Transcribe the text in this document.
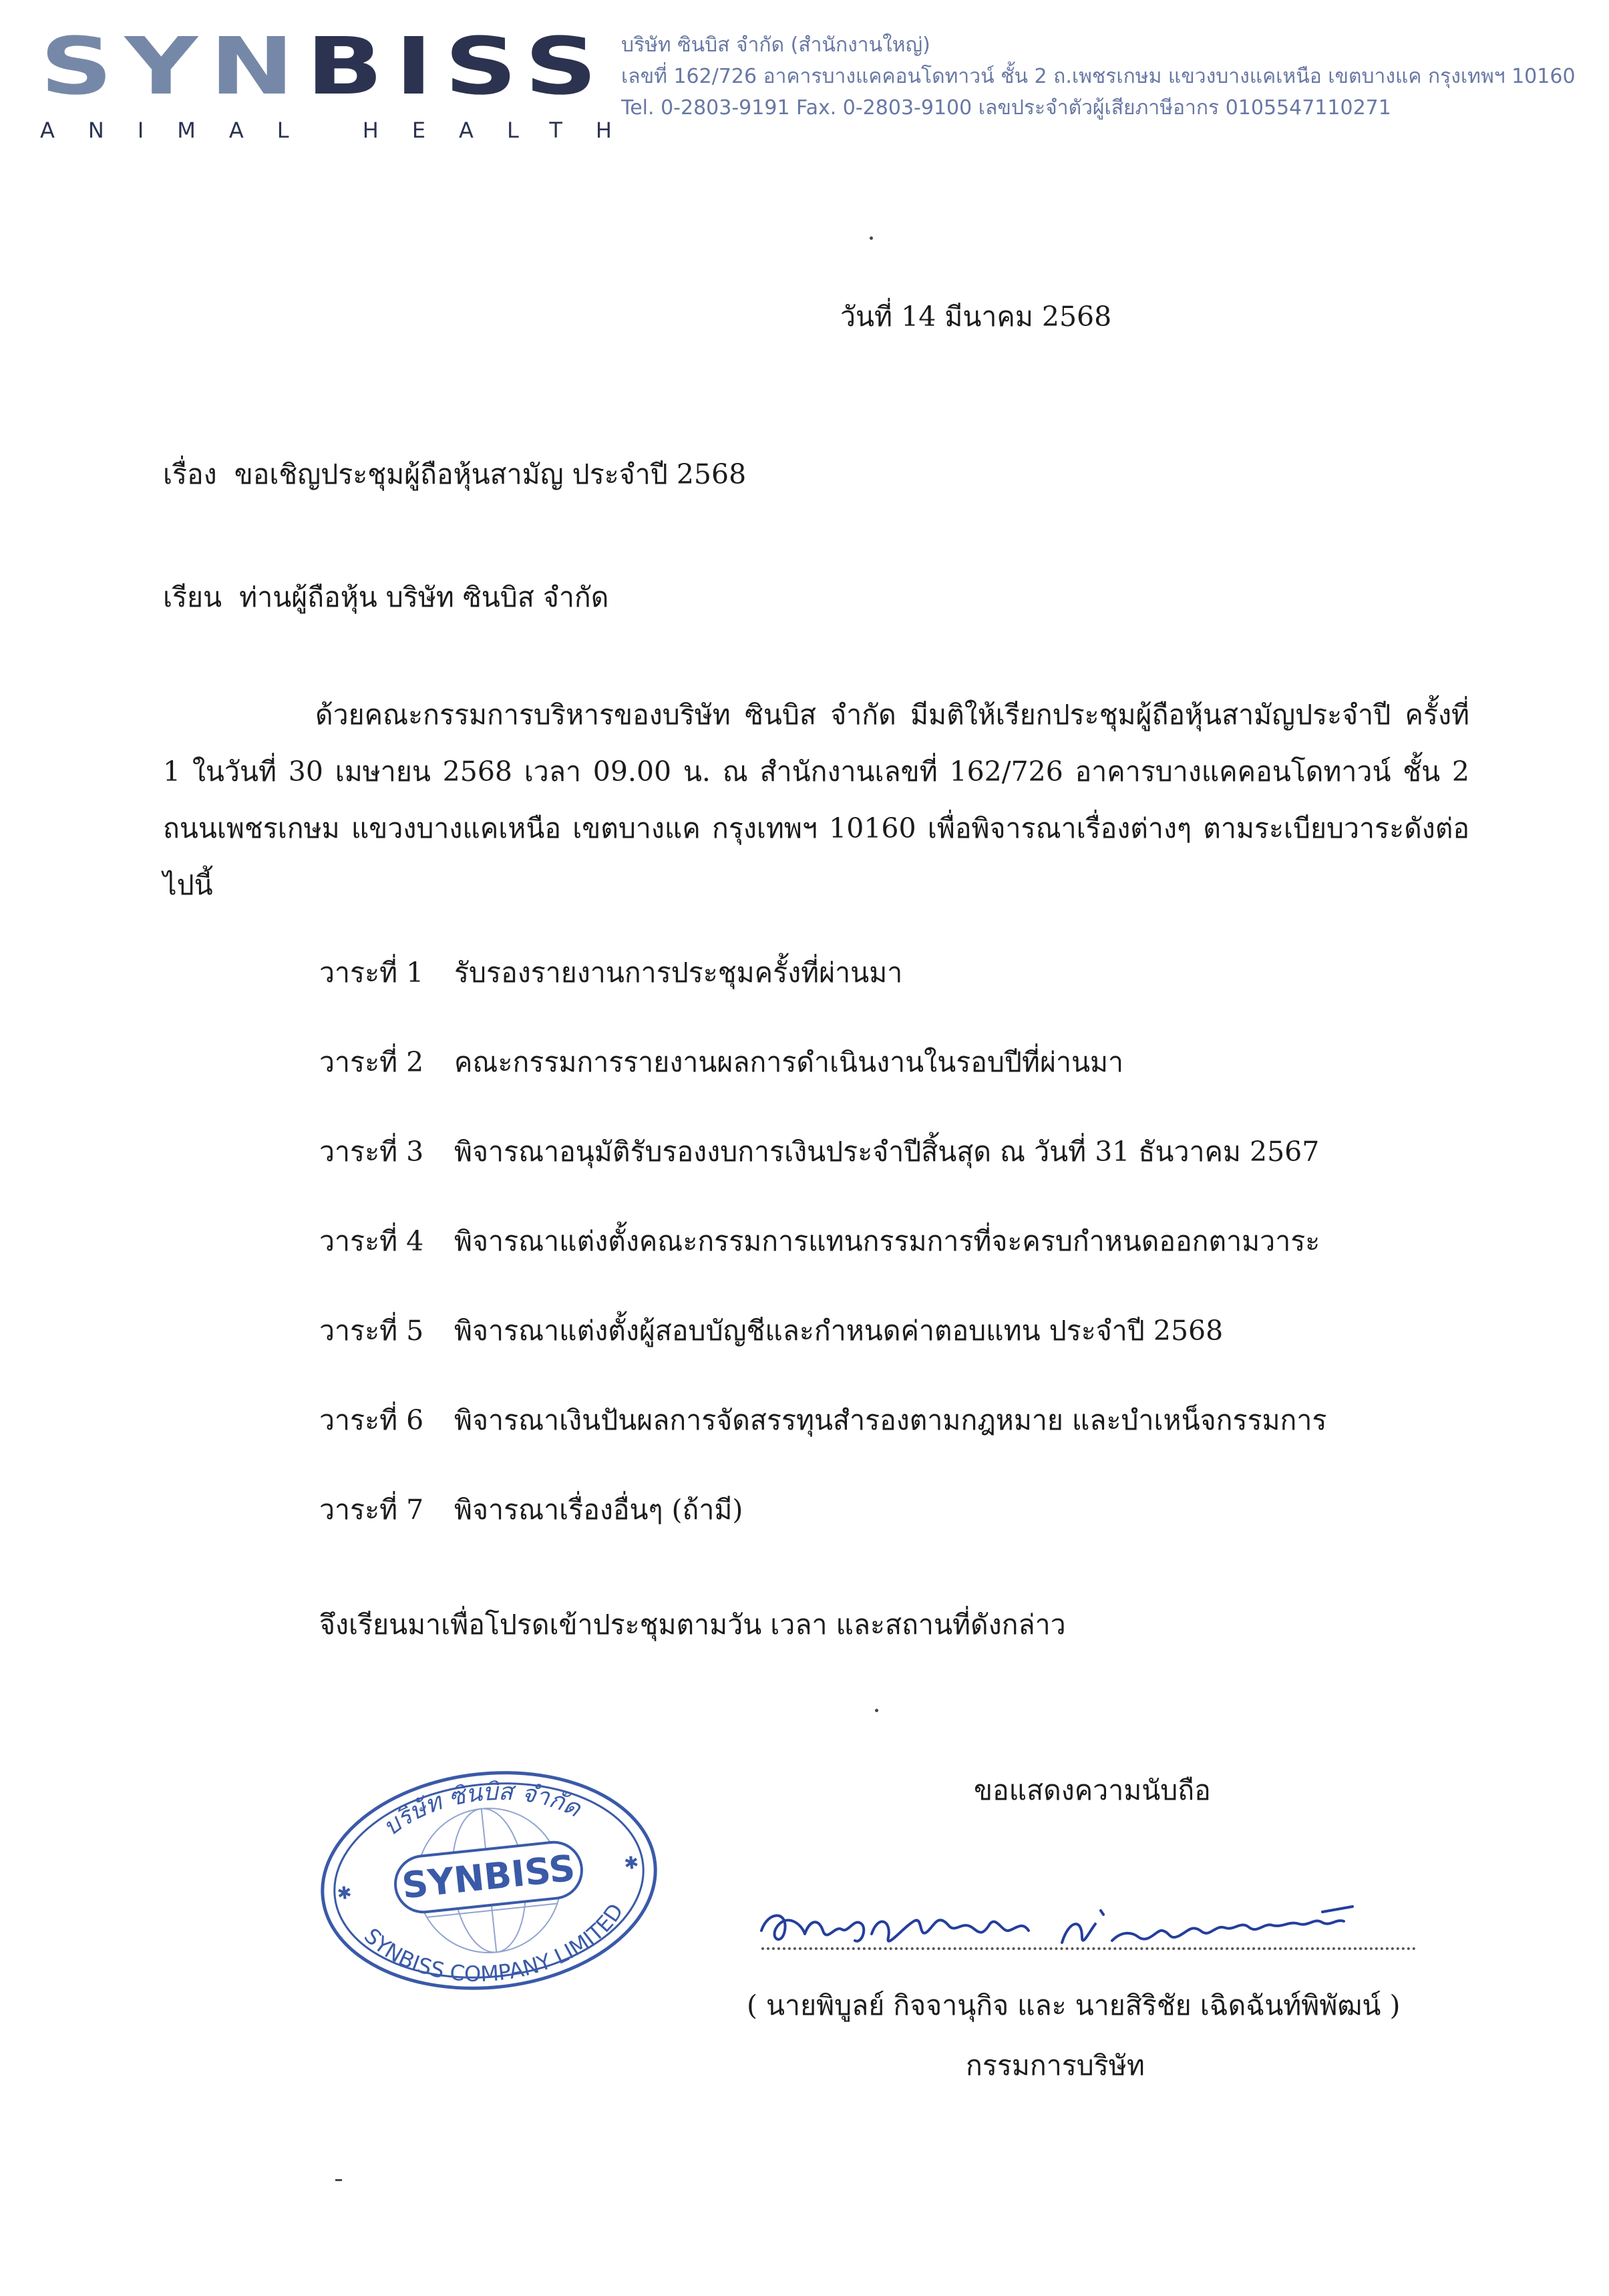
SYNBISS
ANIMAL HEALTH
บริษัท ซินบิส จำกัด (สำนักงานใหญ่)
เลขที่ 162/726 อาคารบางแคคอนโดทาวน์ ชั้น 2 ถ.เพชรเกษม แขวงบางแคเหนือ เขตบางแค กรุงเทพฯ 10160
Tel. 0-2803-9191 Fax. 0-2803-9100 เลขประจำตัวผู้เสียภาษีอากร 0105547110271
วันที่ 14 มีนาคม 2568
เรื่อง ขอเชิญประชุมผู้ถือหุ้นสามัญ ประจำปี 2568
เรียน ท่านผู้ถือหุ้น บริษัท ซินบิส จำกัด
ด้วยคณะกรรมการบริหารของบริษัท ซินบิส จำกัด มีมติให้เรียกประชุมผู้ถือหุ้นสามัญประจำปี ครั้งที่ 1 ในวันที่ 30 เมษายน 2568 เวลา 09.00 น. ณ สำนักงานเลขที่ 162/726 อาคารบางแคคอนโดทาวน์ ชั้น 2 ถนนเพชรเกษม แขวงบางแคเหนือ เขตบางแค กรุงเทพฯ 10160 เพื่อพิจารณาเรื่องต่างๆ ตามระเบียบวาระดังต่อไปนี้
วาระที่ 1 รับรองรายงานการประชุมครั้งที่ผ่านมา
วาระที่ 2 คณะกรรมการรายงานผลการดำเนินงานในรอบปีที่ผ่านมา
วาระที่ 3 พิจารณาอนุมัติรับรองงบการเงินประจำปีสิ้นสุด ณ วันที่ 31 ธันวาคม 2567
วาระที่ 4 พิจารณาแต่งตั้งคณะกรรมการแทนกรรมการที่จะครบกำหนดออกตามวาระ
วาระที่ 5 พิจารณาแต่งตั้งผู้สอบบัญชีและกำหนดค่าตอบแทน ประจำปี 2568
วาระที่ 6 พิจารณาเงินปันผลการจัดสรรทุนสำรองตามกฎหมาย และบำเหน็จกรรมการ
วาระที่ 7 พิจารณาเรื่องอื่นๆ (ถ้ามี)
จึงเรียนมาเพื่อโปรดเข้าประชุมตามวัน เวลา และสถานที่ดังกล่าว
ขอแสดงความนับถือ
SYNBISS
บริษัท ซินบิส จำกัด
SYNBISS COMPANY LIMITED
✱
✱
( นายพิบูลย์ กิจจานุกิจ และ นายสิริชัย เฉิดฉันท์พิพัฒน์ )
กรรมการบริษัท
